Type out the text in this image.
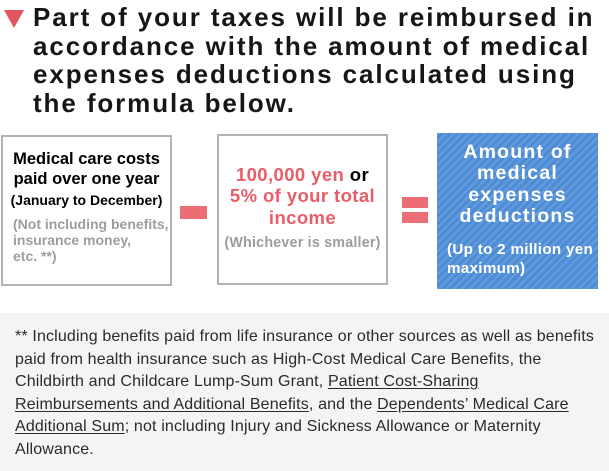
Part of your taxes will be reimbursed in
accordance with the amount of medical
expenses deductions calculated using
the formula below.
Medical care costs
paid over one year
(January to December)
(Not including benefits,
insurance money,
etc. **)
100,000 yen or
5% of your total
income
(Whichever is smaller)
Amount of
medical
expenses
deductions
(Up to 2 million yen
maximum)
** Including benefits paid from life insurance or other sources as well as benefits
paid from health insurance such as High-Cost Medical Care Benefits, the
Childbirth and Childcare Lump-Sum Grant, Patient Cost-Sharing
Reimbursements and Additional Benefits, and the Dependents’ Medical Care
Additional Sum; not including Injury and Sickness Allowance or Maternity
Allowance.
